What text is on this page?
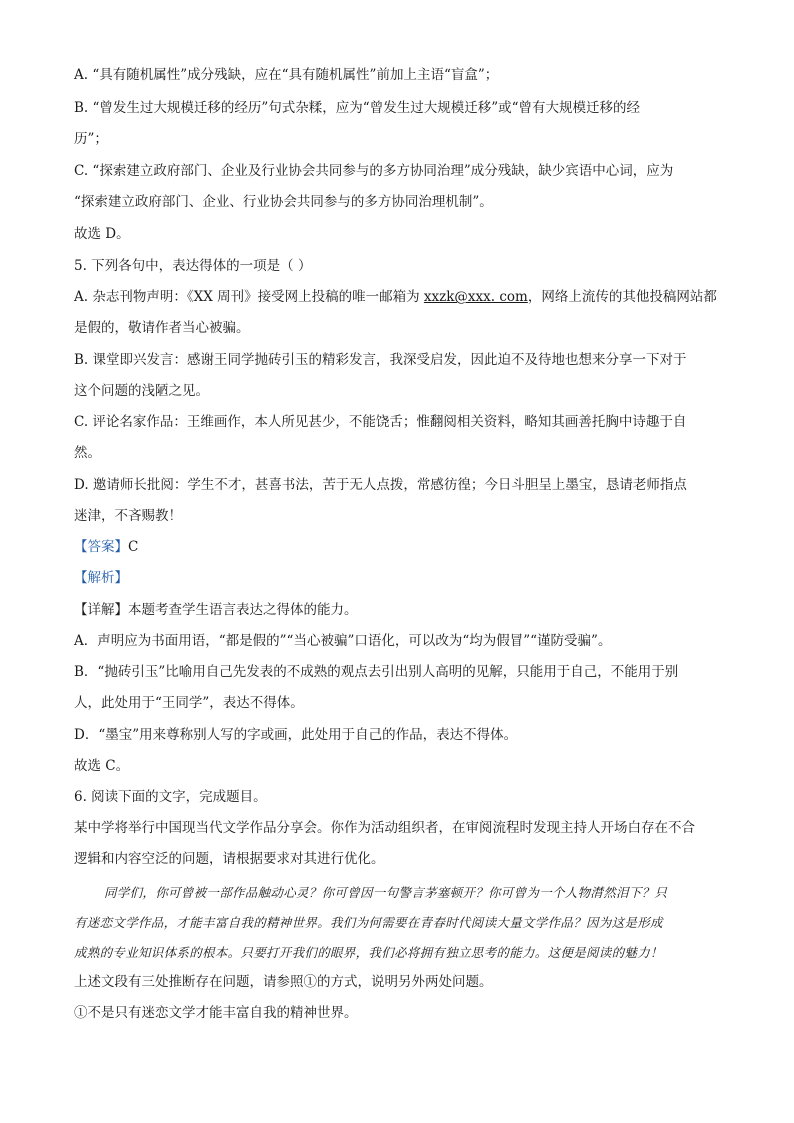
A. “具有随机属性”成分残缺，应在“具有随机属性”前加上主语“盲盒”；
B. “曾发生过大规模迁移的经历”句式杂糅，应为“曾发生过大规模迁移”或“曾有大规模迁移的经
历”；
C. “探索建立政府部门、企业及行业协会共同参与的多方协同治理”成分残缺，缺少宾语中心词，应为
“探索建立政府部门、企业、行业协会共同参与的多方协同治理机制”。
故选 D。
5. 下列各句中，表达得体的一项是（ ）
A. 杂志刊物声明：《XX 周刊》接受网上投稿的唯一邮箱为 xxzk@xxx. com，网络上流传的其他投稿网站都
是假的，敬请作者当心被骗。
B. 课堂即兴发言：感谢王同学抛砖引玉的精彩发言，我深受启发，因此迫不及待地也想来分享一下对于
这个问题的浅陋之见。
C. 评论名家作品：王维画作，本人所见甚少，不能饶舌；惟翻阅相关资料，略知其画善托胸中诗趣于自
然。
D. 邀请师长批阅：学生不才，甚喜书法，苦于无人点拨，常感彷徨；今日斗胆呈上墨宝，恳请老师指点
迷津，不吝赐教！
【答案】C
【解析】
【详解】本题考查学生语言表达之得体的能力。
A．声明应为书面用语，“都是假的”“当心被骗”口语化，可以改为“均为假冒”“谨防受骗”。
B．“抛砖引玉”比喻用自己先发表的不成熟的观点去引出别人高明的见解，只能用于自己，不能用于别
人，此处用于“王同学”，表达不得体。
D．“墨宝”用来尊称别人写的字或画，此处用于自己的作品，表达不得体。
故选 C。
6. 阅读下面的文字，完成题目。
某中学将举行中国现当代文学作品分享会。你作为活动组织者，在审阅流程时发现主持人开场白存在不合
逻辑和内容空泛的问题，请根据要求对其进行优化。
同学们，你可曾被一部作品触动心灵？你可曾因一句警言茅塞顿开？你可曾为一个人物潸然泪下？只
有迷恋文学作品，才能丰富自我的精神世界。我们为何需要在青春时代阅读大量文学作品？因为这是形成
成熟的专业知识体系的根本。只要打开我们的眼界，我们必将拥有独立思考的能力。这便是阅读的魅力！
上述文段有三处推断存在问题，请参照①的方式，说明另外两处问题。
①不是只有迷恋文学才能丰富自我的精神世界。
